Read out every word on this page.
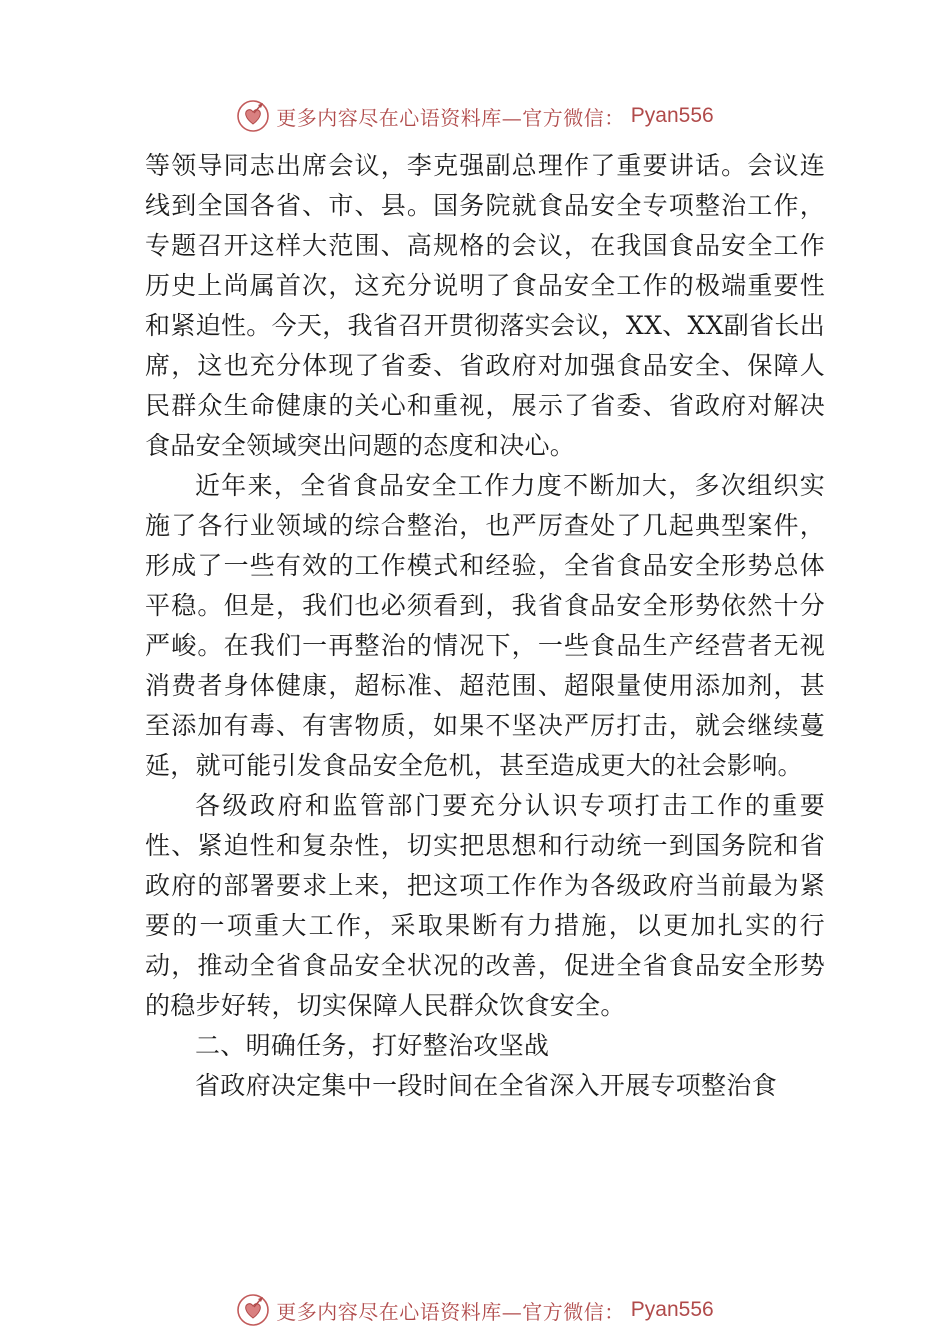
更多内容尽在心语资料库—官方微信： Pyan556

等领导同志出席会议，李克强副总理作了重要讲话。会议连线到全国各省、市、县。国务院就食品安全专项整治工作， 专题召开这样大范围、高规格的会议，在我国食品安全工作历史上尚属首次，这充分说明了食品安全工作的极端重要性和紧迫性。今天，我省召开贯彻落实会议，XX、XX副省长出席，这也充分体现了省委、省政府对加强食品安全、保障人民群众生命健康的关心和重视，展示了省委、省政府对解决食品安全领域突出问题的态度和决心。

近年来，全省食品安全工作力度不断加大，多次组织实施了各行业领域的综合整治，也严厉查处了几起典型案件， 形成了一些有效的工作模式和经验，全省食品安全形势总体平稳。但是，我们也必须看到，我省食品安全形势依然十分严峻。在我们一再整治的情况下，一些食品生产经营者无视消费者身体健康，超标准、超范围、超限量使用添加剂，甚至添加有毒、有害物质，如果不坚决严厉打击，就会继续蔓延，就可能引发食品安全危机，甚至造成更大的社会影响。

各级政府和监管部门要充分认识专项打击工作的重要性、紧迫性和复杂性，切实把思想和行动统一到国务院和省政府的部署要求上来，把这项工作作为各级政府当前最为紧要的一项重大工作，采取果断有力措施，以更加扎实的行动，推动全省食品安全状况的改善，促进全省食品安全形势的稳步好转，切实保障人民群众饮食安全。

二、明确任务，打好整治攻坚战

省政府决定集中一段时间在全省深入开展专项整治食

更多内容尽在心语资料库—官方微信： Pyan556
